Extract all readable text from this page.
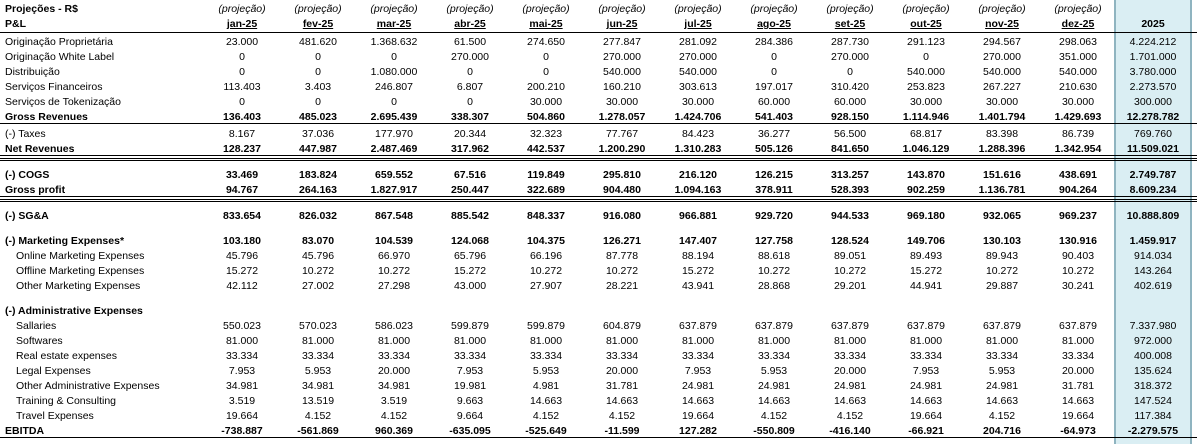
Projeções - R$	(projeção)	(projeção)	(projeção)	(projeção)	(projeção)	(projeção)	(projeção)	(projeção)	(projeção)	(projeção)	(projeção)	(projeção)
P&L	jan-25	fev-25	mar-25	abr-25	mai-25	jun-25	jul-25	ago-25	set-25	out-25	nov-25	dez-25	2025
Originação Proprietária	23.000	481.620	1.368.632	61.500	274.650	277.847	281.092	284.386	287.730	291.123	294.567	298.063	4.224.212
Originação White Label	0	0	0	270.000	0	270.000	270.000	0	270.000	0	270.000	351.000	1.701.000
Distribuição	0	0	1.080.000	0	0	540.000	540.000	0	0	540.000	540.000	540.000	3.780.000
Serviços Financeiros	113.403	3.403	246.807	6.807	200.210	160.210	303.613	197.017	310.420	253.823	267.227	210.630	2.273.570
Serviços de Tokenização	0	0	0	0	30.000	30.000	30.000	60.000	60.000	30.000	30.000	30.000	300.000
Gross Revenues	136.403	485.023	2.695.439	338.307	504.860	1.278.057	1.424.706	541.403	928.150	1.114.946	1.401.794	1.429.693	12.278.782
(-) Taxes	8.167	37.036	177.970	20.344	32.323	77.767	84.423	36.277	56.500	68.817	83.398	86.739	769.760
Net Revenues	128.237	447.987	2.487.469	317.962	442.537	1.200.290	1.310.283	505.126	841.650	1.046.129	1.288.396	1.342.954	11.509.021
(-) COGS	33.469	183.824	659.552	67.516	119.849	295.810	216.120	126.215	313.257	143.870	151.616	438.691	2.749.787
Gross profit	94.767	264.163	1.827.917	250.447	322.689	904.480	1.094.163	378.911	528.393	902.259	1.136.781	904.264	8.609.234
(-) SG&A	833.654	826.032	867.548	885.542	848.337	916.080	966.881	929.720	944.533	969.180	932.065	969.237	10.888.809
(-) Marketing Expenses*	103.180	83.070	104.539	124.068	104.375	126.271	147.407	127.758	128.524	149.706	130.103	130.916	1.459.917
Online Marketing Expenses	45.796	45.796	66.970	65.796	66.196	87.778	88.194	88.618	89.051	89.493	89.943	90.403	914.034
Offline Marketing Expenses	15.272	10.272	10.272	15.272	10.272	10.272	15.272	10.272	10.272	15.272	10.272	10.272	143.264
Other Marketing Expenses	42.112	27.002	27.298	43.000	27.907	28.221	43.941	28.868	29.201	44.941	29.887	30.241	402.619
(-) Administrative Expenses
Sallaries	550.023	570.023	586.023	599.879	599.879	604.879	637.879	637.879	637.879	637.879	637.879	637.879	7.337.980
Softwares	81.000	81.000	81.000	81.000	81.000	81.000	81.000	81.000	81.000	81.000	81.000	81.000	972.000
Real estate expenses	33.334	33.334	33.334	33.334	33.334	33.334	33.334	33.334	33.334	33.334	33.334	33.334	400.008
Legal Expenses	7.953	5.953	20.000	7.953	5.953	20.000	7.953	5.953	20.000	7.953	5.953	20.000	135.624
Other Administrative Expenses	34.981	34.981	34.981	19.981	4.981	31.781	24.981	24.981	24.981	24.981	24.981	31.781	318.372
Training & Consulting	3.519	13.519	3.519	9.663	14.663	14.663	14.663	14.663	14.663	14.663	14.663	14.663	147.524
Travel Expenses	19.664	4.152	4.152	9.664	4.152	4.152	19.664	4.152	4.152	19.664	4.152	19.664	117.384
EBITDA	-738.887	-561.869	960.369	-635.095	-525.649	-11.599	127.282	-550.809	-416.140	-66.921	204.716	-64.973	-2.279.575
